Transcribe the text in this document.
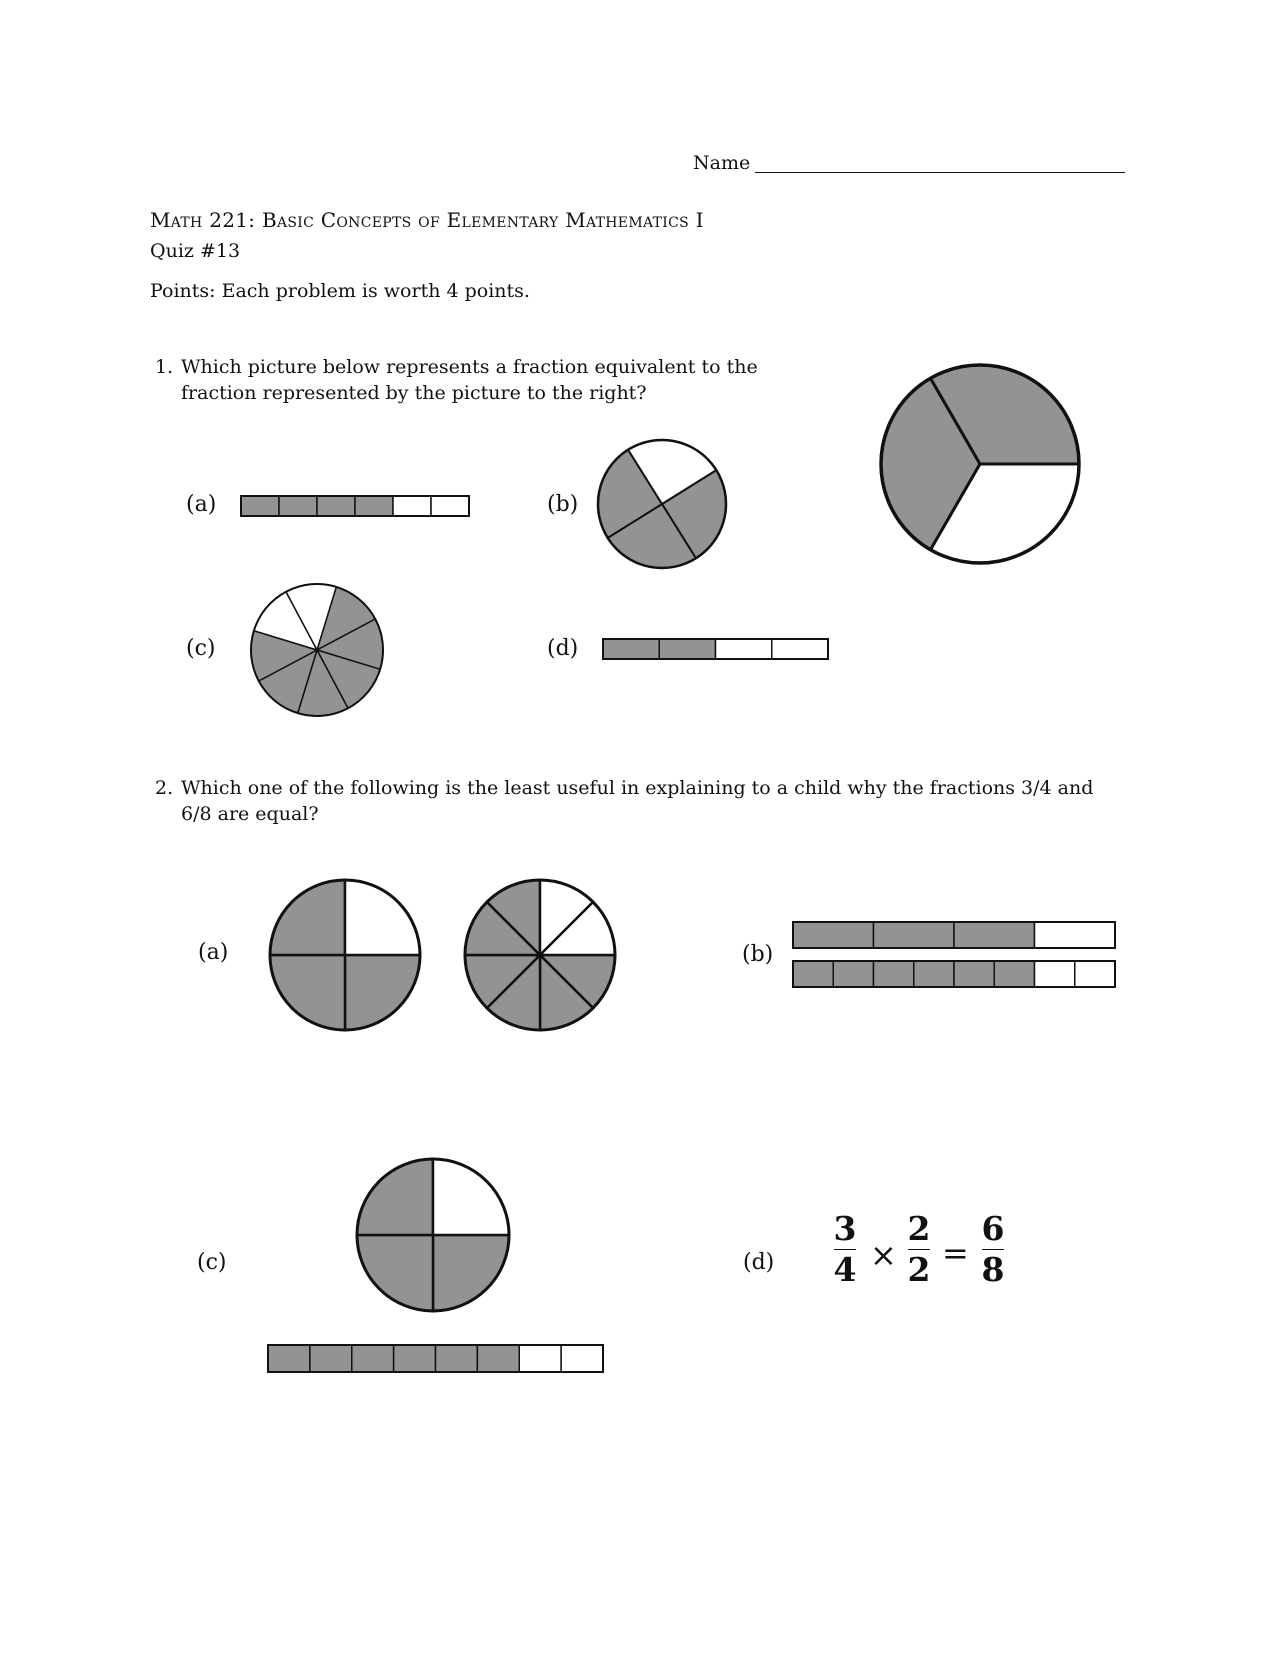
Name
Math 221: Basic Concepts of Elementary Mathematics I
Quiz #13
Points: Each problem is worth 4 points.
1. Which picture below represents a fraction equivalent to the fraction represented by the picture to the right?
(a)	(b)
(c)	(d)
2. Which one of the following is the least useful in explaining to a child why the fractions 3/4 and 6/8 are equal?
(a)	(b)
(c)	(d)
3
4 ×
2
2 =
6
8
